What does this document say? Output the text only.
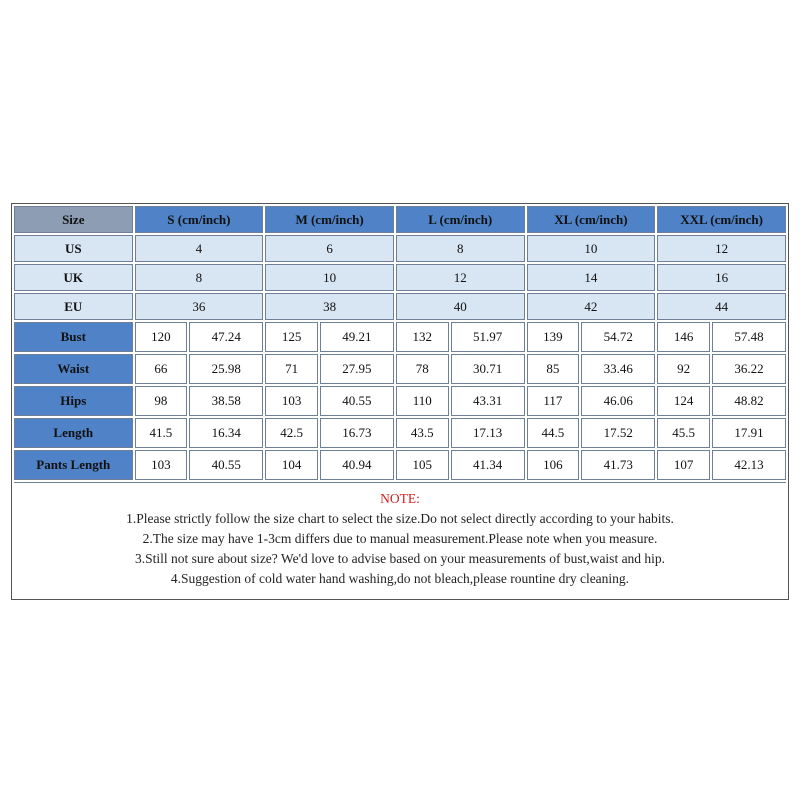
Size	S (cm/inch)		M (cm/inch)		L (cm/inch)		XL (cm/inch)		XXL (cm/inch)	
US	4		6		8		10		12	
UK	8		10		12		14		16	
EU	36		38		40		42		44	
Bust	120	47.24	125	49.21	132	51.97	139	54.72	146	57.48
Waist	66	25.98	71	27.95	78	30.71	85	33.46	92	36.22
Hips	98	38.58	103	40.55	110	43.31	117	46.06	124	48.82
Length	41.5	16.34	42.5	16.73	43.5	17.13	44.5	17.52	45.5	17.91
Pants Length	103	40.55	104	40.94	105	41.34	106	41.73	107	42.13
NOTE:
1.Please strictly follow the size chart to select the size.Do not select directly according to your habits.
2.The size may have 1-3cm differs due to manual measurement.Please note when you measure.
3.Still not sure about size? We'd love to advise based on your measurements of bust,waist and hip.
4.Suggestion of cold water hand washing,do not bleach,please rountine dry cleaning.
